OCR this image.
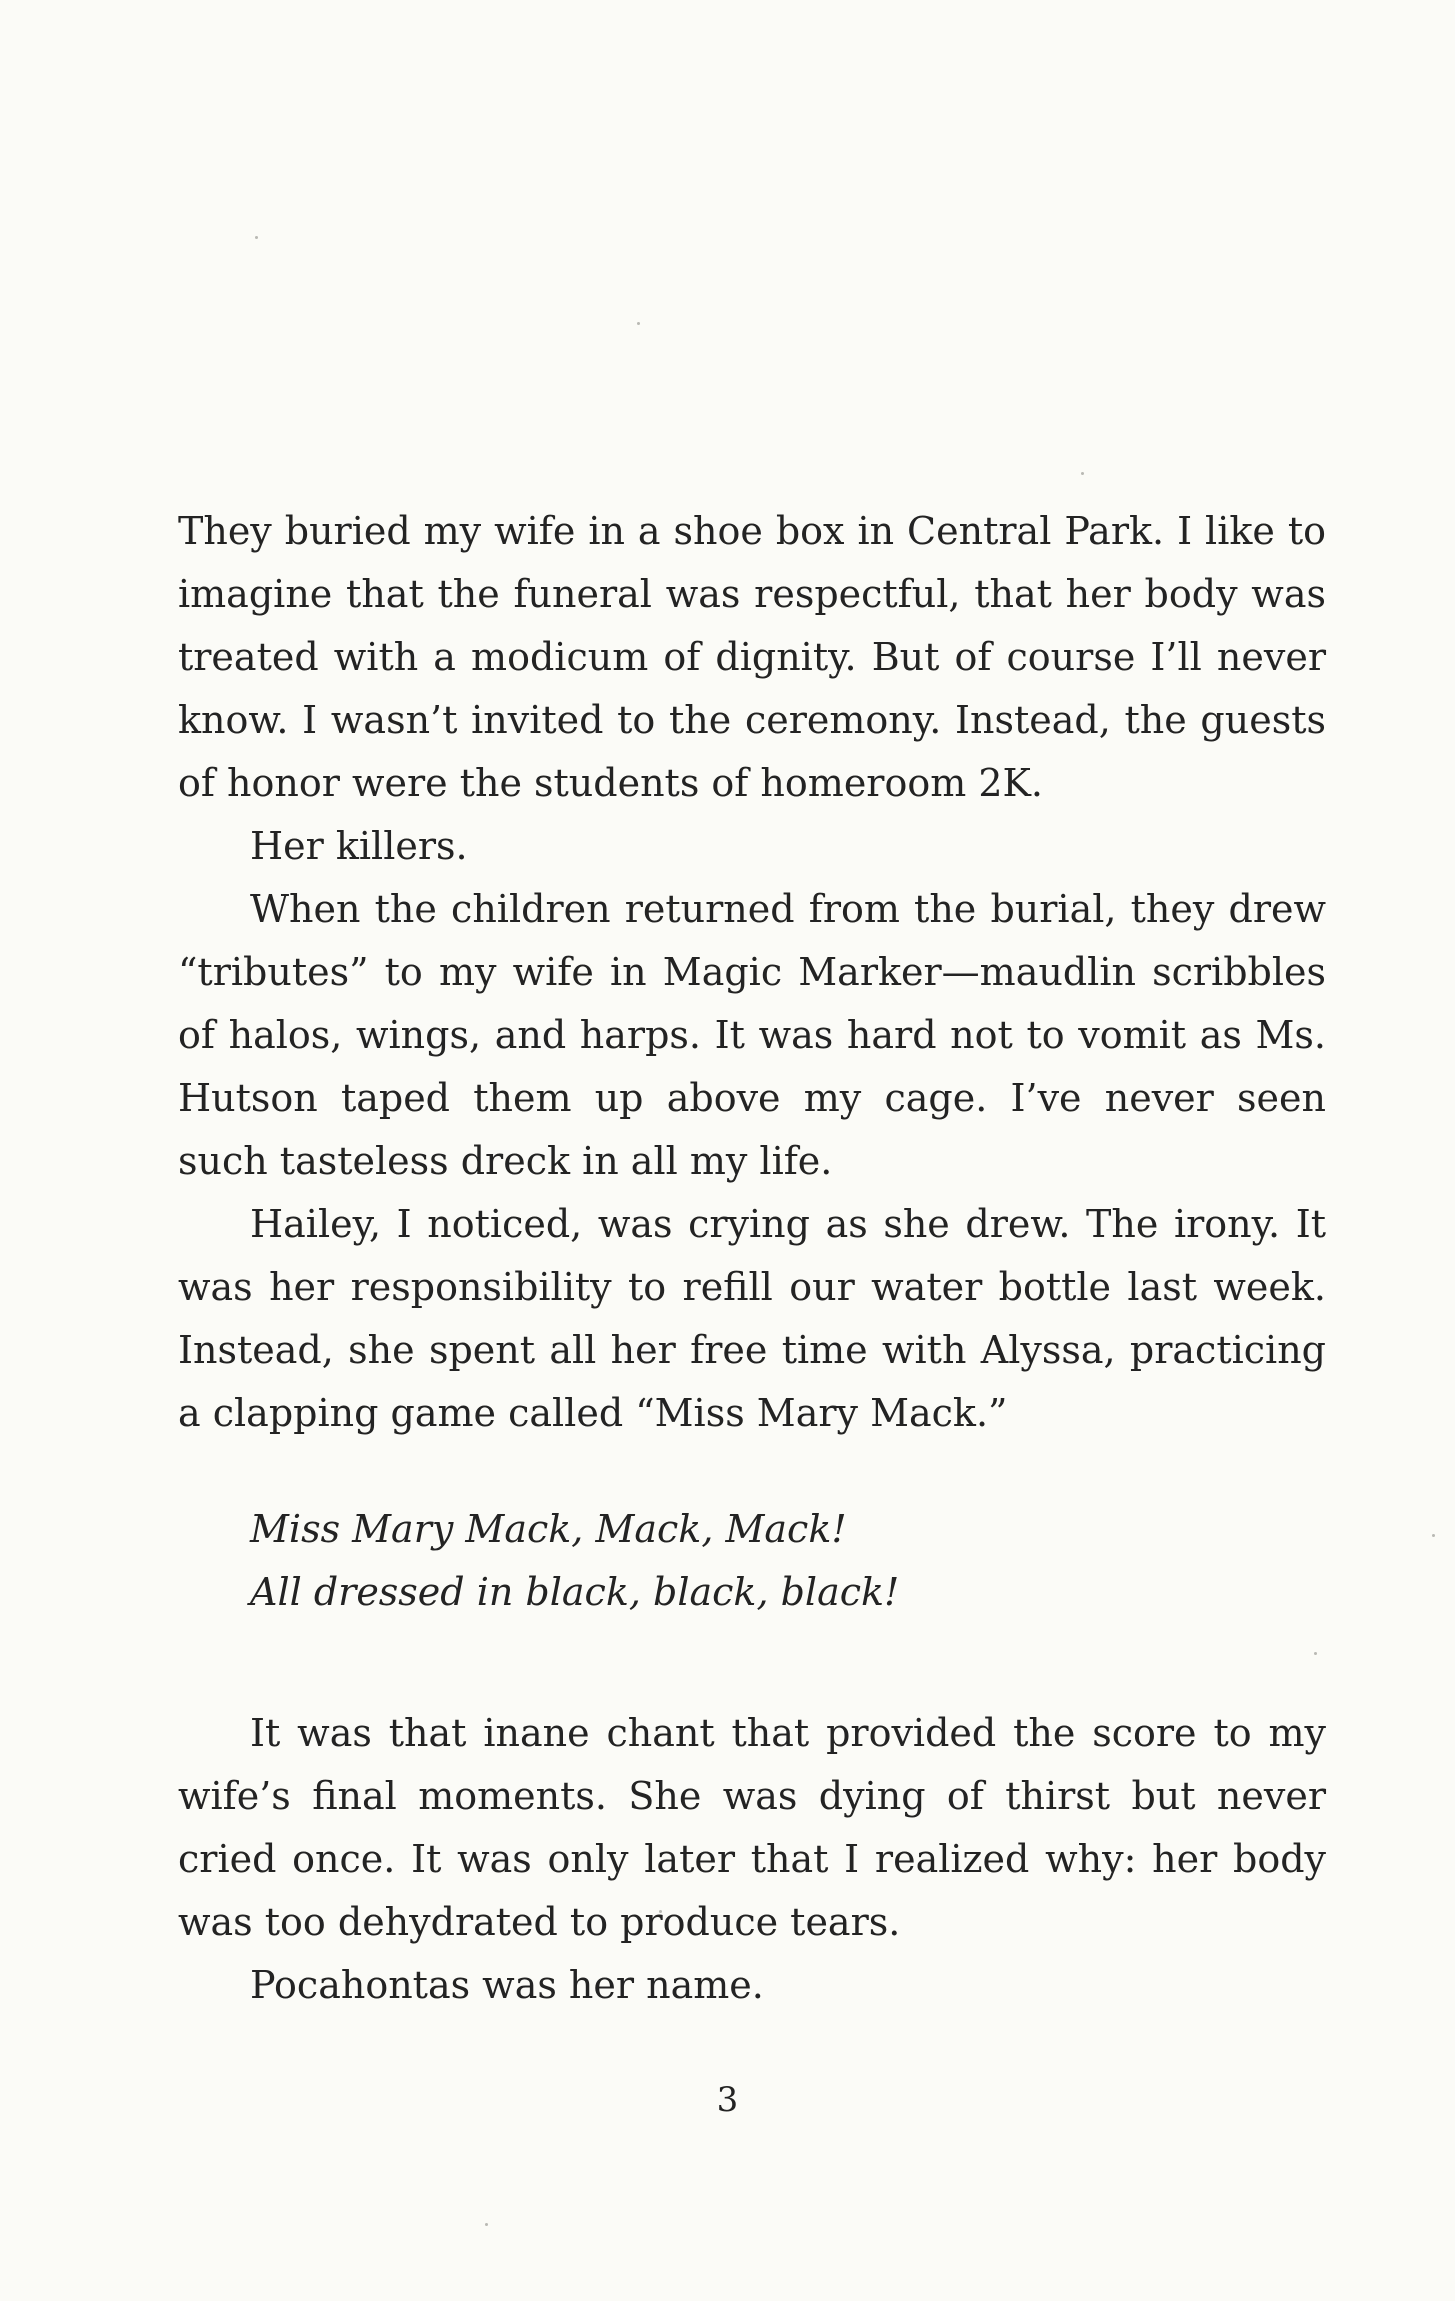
They buried my wife in a shoe box in Central Park. I like to imagine that the funeral was respectful, that her body was treated with a modicum of dignity. But of course I’ll never know. I wasn’t invited to the ceremony. Instead, the guests of honor were the students of homeroom 2K.
Her killers.
When the children returned from the burial, they drew “tributes” to my wife in Magic Marker—maudlin scribbles of halos, wings, and harps. It was hard not to vomit as Ms. Hutson taped them up above my cage. I’ve never seen such tasteless dreck in all my life.
Hailey, I noticed, was crying as she drew. The irony. It was her responsibility to refill our water bottle last week. Instead, she spent all her free time with Alyssa, practicing a clapping game called “Miss Mary Mack.”
Miss Mary Mack, Mack, Mack!
All dressed in black, black, black!
It was that inane chant that provided the score to my wife’s final moments. She was dying of thirst but never cried once. It was only later that I realized why: her body was too dehydrated to produce tears.
Pocahontas was her name.
3
